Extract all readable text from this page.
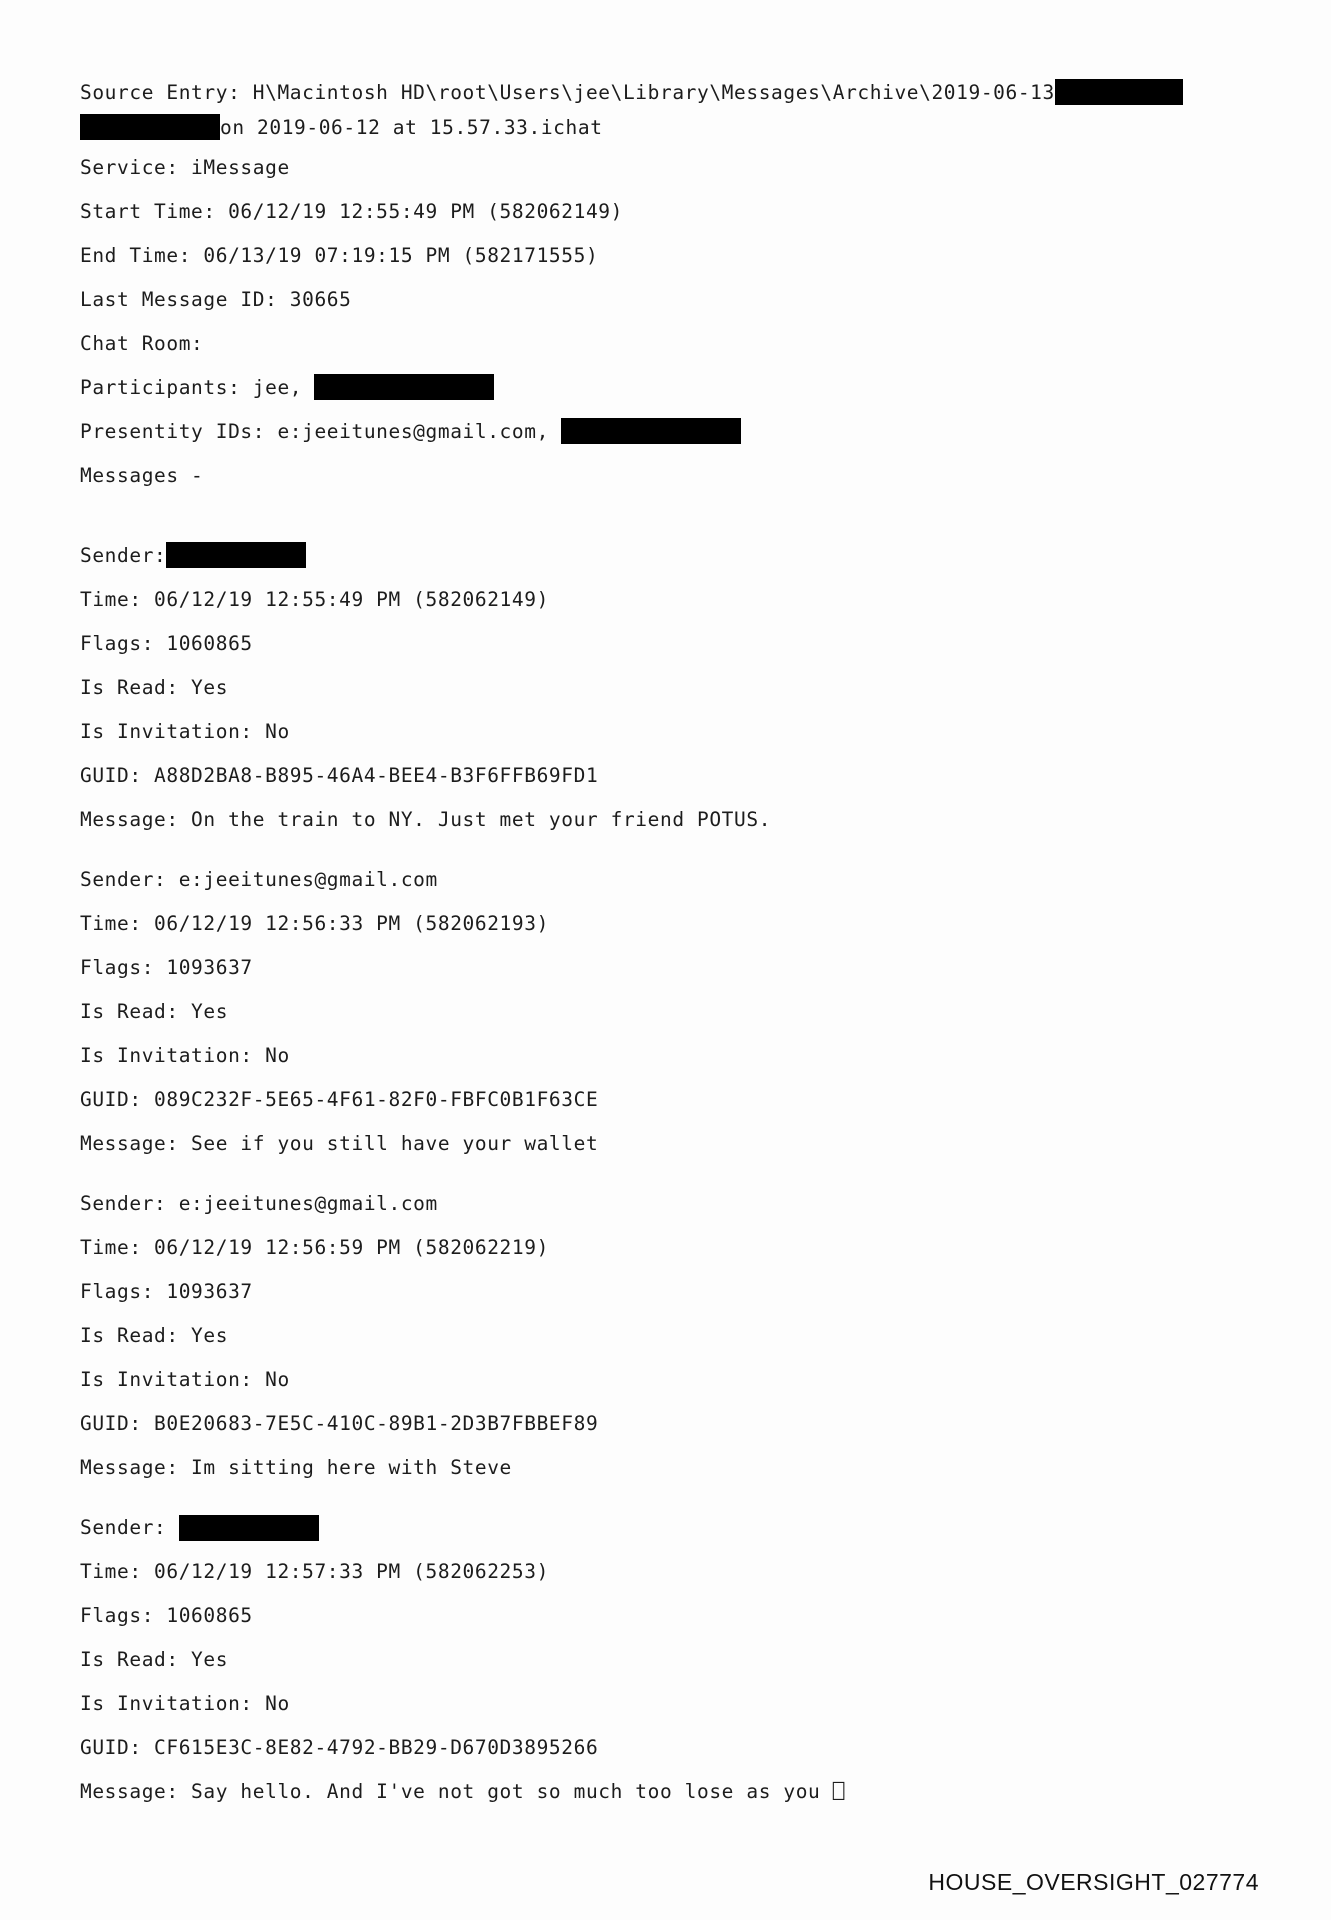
Source Entry: H\Macintosh HD\root\Users\jee\Library\Messages\Archive\2019-06-13
on 2019-06-12 at 15.57.33.ichat
Service: iMessage
Start Time: 06/12/19 12:55:49 PM (582062149)
End Time: 06/13/19 07:19:15 PM (582171555)
Last Message ID: 30665
Chat Room:
Participants: jee,
Presentity IDs: e:jeeitunes@gmail.com,
Messages -
Sender:
Time: 06/12/19 12:55:49 PM (582062149)
Flags: 1060865
Is Read: Yes
Is Invitation: No
GUID: A88D2BA8-B895-46A4-BEE4-B3F6FFB69FD1
Message: On the train to NY. Just met your friend POTUS.
Sender: e:jeeitunes@gmail.com
Time: 06/12/19 12:56:33 PM (582062193)
Flags: 1093637
Is Read: Yes
Is Invitation: No
GUID: 089C232F-5E65-4F61-82F0-FBFC0B1F63CE
Message: See if you still have your wallet
Sender: e:jeeitunes@gmail.com
Time: 06/12/19 12:56:59 PM (582062219)
Flags: 1093637
Is Read: Yes
Is Invitation: No
GUID: B0E20683-7E5C-410C-89B1-2D3B7FBBEF89
Message: Im sitting here with Steve
Sender:
Time: 06/12/19 12:57:33 PM (582062253)
Flags: 1060865
Is Read: Yes
Is Invitation: No
GUID: CF615E3C-8E82-4792-BB29-D670D3895266
Message: Say hello. And I've not got so much too lose as you ⎕
HOUSE_OVERSIGHT_027774
